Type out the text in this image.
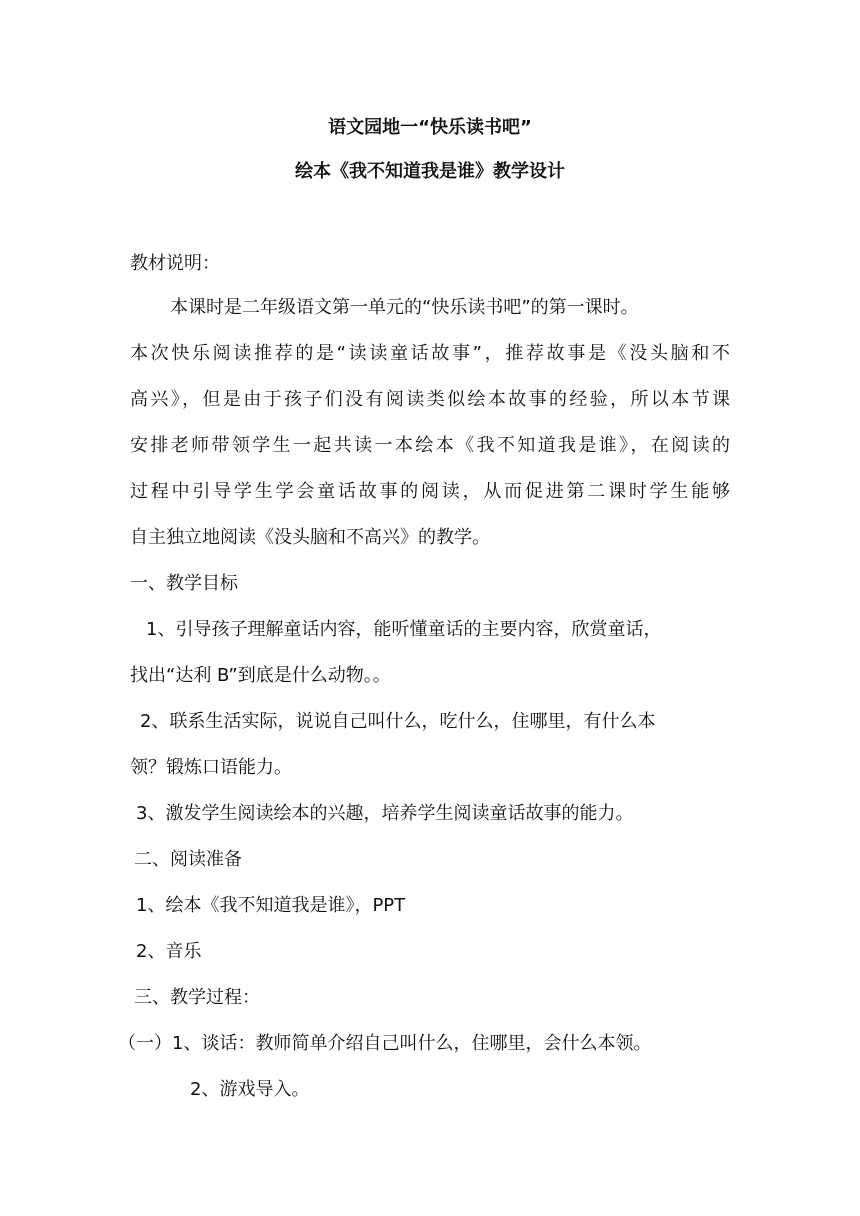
语文园地一“快乐读书吧”
绘本《我不知道我是谁》教学设计
教材说明：
本课时是二年级语文第一单元的“快乐读书吧”的第一课时。
本次快乐阅读推荐的是“读读童话故事”，推荐故事是《没头脑和不
高兴》，但是由于孩子们没有阅读类似绘本故事的经验，所以本节课
安排老师带领学生一起共读一本绘本《我不知道我是谁》，在阅读的
过程中引导学生学会童话故事的阅读，从而促进第二课时学生能够
自主独立地阅读《没头脑和不高兴》的教学。
一、教学目标
1、引导孩子理解童话内容，能听懂童话的主要内容，欣赏童话，
找出“达利 B”到底是什么动物。。
2、联系生活实际，说说自己叫什么，吃什么，住哪里，有什么本
领？锻炼口语能力。
3、激发学生阅读绘本的兴趣，培养学生阅读童话故事的能力。
二、阅读准备
1、绘本《我不知道我是谁》，PPT
2、音乐
三、教学过程：
（一）1、谈话：教师简单介绍自己叫什么，住哪里，会什么本领。
2、游戏导入。
